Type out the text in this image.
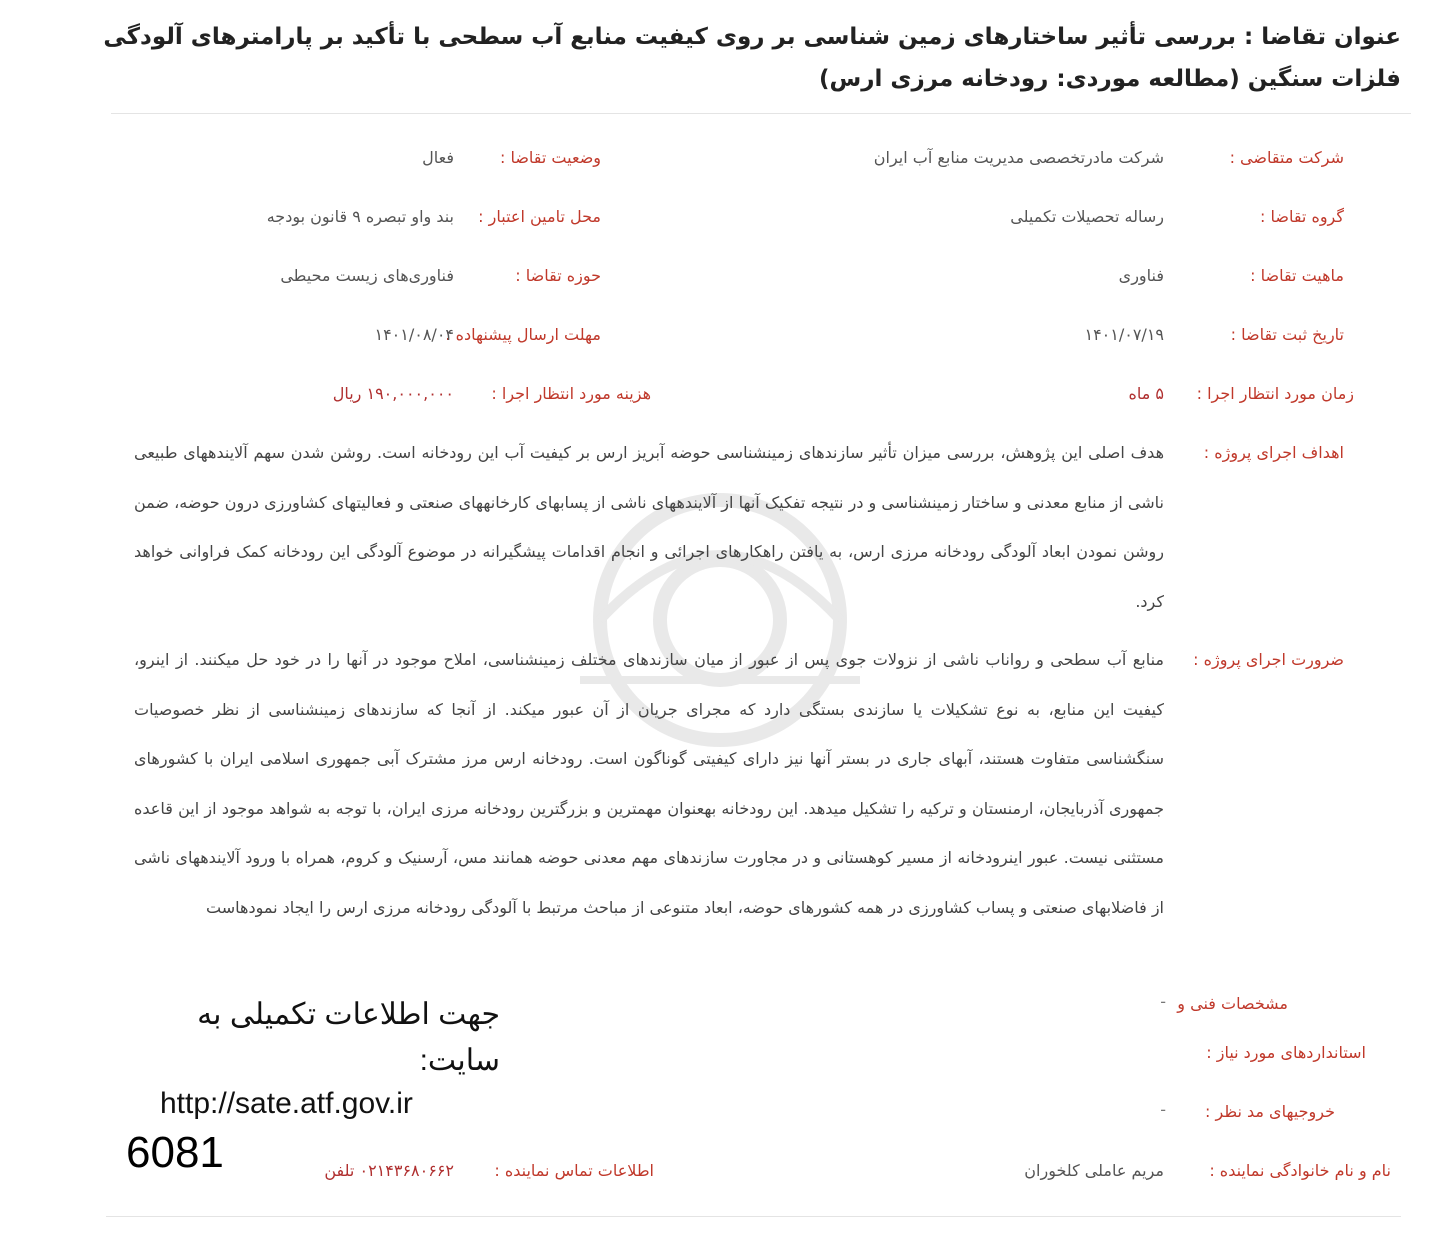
عنوان تقاضا : بررسی تأثیر ساختارهای زمین شناسی بر روی کیفیت منابع آب سطحی با تأکید بر پارامترهای آلودگی فلزات سنگین (مطالعه موردی: رودخانه مرزی ارس)
شرکت متقاضی :
شرکت مادرتخصصی مدیریت منابع آب ایران
وضعیت تقاضا :
فعال
گروه تقاضا :
رساله تحصیلات تکمیلی
محل تامین اعتبار :
بند واو تبصره ۹ قانون بودجه
ماهیت تقاضا :
فناوری
حوزه تقاضا :
فناوری‌های زیست محیطی
تاریخ ثبت تقاضا :
۱۴۰۱/۰۷/۱۹
مهلت ارسال پیشنهاده :
۱۴۰۱/۰۸/۰۴
زمان مورد انتظار اجرا :
۵ ماه
هزینه مورد انتظار اجرا :
۱۹۰,۰۰۰,۰۰۰ ریال
اهداف اجرای پروژه :
هدف اصلی این پژوهش، بررسی میزان تأثیر سازندهای زمینشناسی حوضه آبریز ارس بر کیفیت آب این رودخانه است. روشن شدن سهم آلایندههای طبیعی ناشی از منابع معدنی و ساختار زمینشناسی و در نتیجه تفکیک آنها از آلایندههای ناشی از پسابهای کارخانههای صنعتی و فعالیتهای کشاورزی درون حوضه، ضمن روشن نمودن ابعاد آلودگی رودخانه مرزی ارس، به یافتن راهکارهای اجرائی و انجام اقدامات پیشگیرانه در موضوع آلودگی این رودخانه کمک فراوانی خواهد کرد.
ضرورت اجرای پروژه :
منابع آب سطحی و رواناب ناشی از نزولات جوی پس از عبور از میان سازندهای مختلف زمینشناسی، املاح موجود در آنها را در خود حل میکنند. از اینرو، کیفیت این منابع، به نوع تشکیلات یا سازندی بستگی دارد که مجرای جریان از آن عبور میکند. از آنجا که سازندهای زمینشناسی از نظر خصوصیات سنگشناسی متفاوت هستند، آبهای جاری در بستر آنها نیز دارای کیفیتی گوناگون است. رودخانه ارس مرز مشترک آبی جمهوری اسلامی ایران با کشورهای جمهوری آذربایجان، ارمنستان و ترکیه را تشکیل میدهد. این رودخانه بهعنوان مهمترین و بزرگترین رودخانه مرزی ایران، با توجه به شواهد موجود از این قاعده مستثنی نیست. عبور اینرودخانه از مسیر کوهستانی و در مجاورت سازندهای مهم معدنی حوضه همانند مس، آرسنیک و کروم، همراه با ورود آلایندههای ناشی از فاضلابهای صنعتی و پساب کشاورزی در همه کشورهای حوضه، ابعاد متنوعی از مباحث مرتبط با آلودگی رودخانه مرزی ارس را ایجاد نمودهاست
مشخصات فنی و
استانداردهای مورد نیاز :
-
خروجیهای مد نظر :
-
نام و نام خانوادگی نماینده :
مریم عاملی کلخوران
اطلاعات تماس نماینده :
۰۲۱۴۳۶۸۰۶۶۲ تلفن
جهت اطلاعات تکمیلی به سایت:
http://sate.atf.gov.ir
6081
